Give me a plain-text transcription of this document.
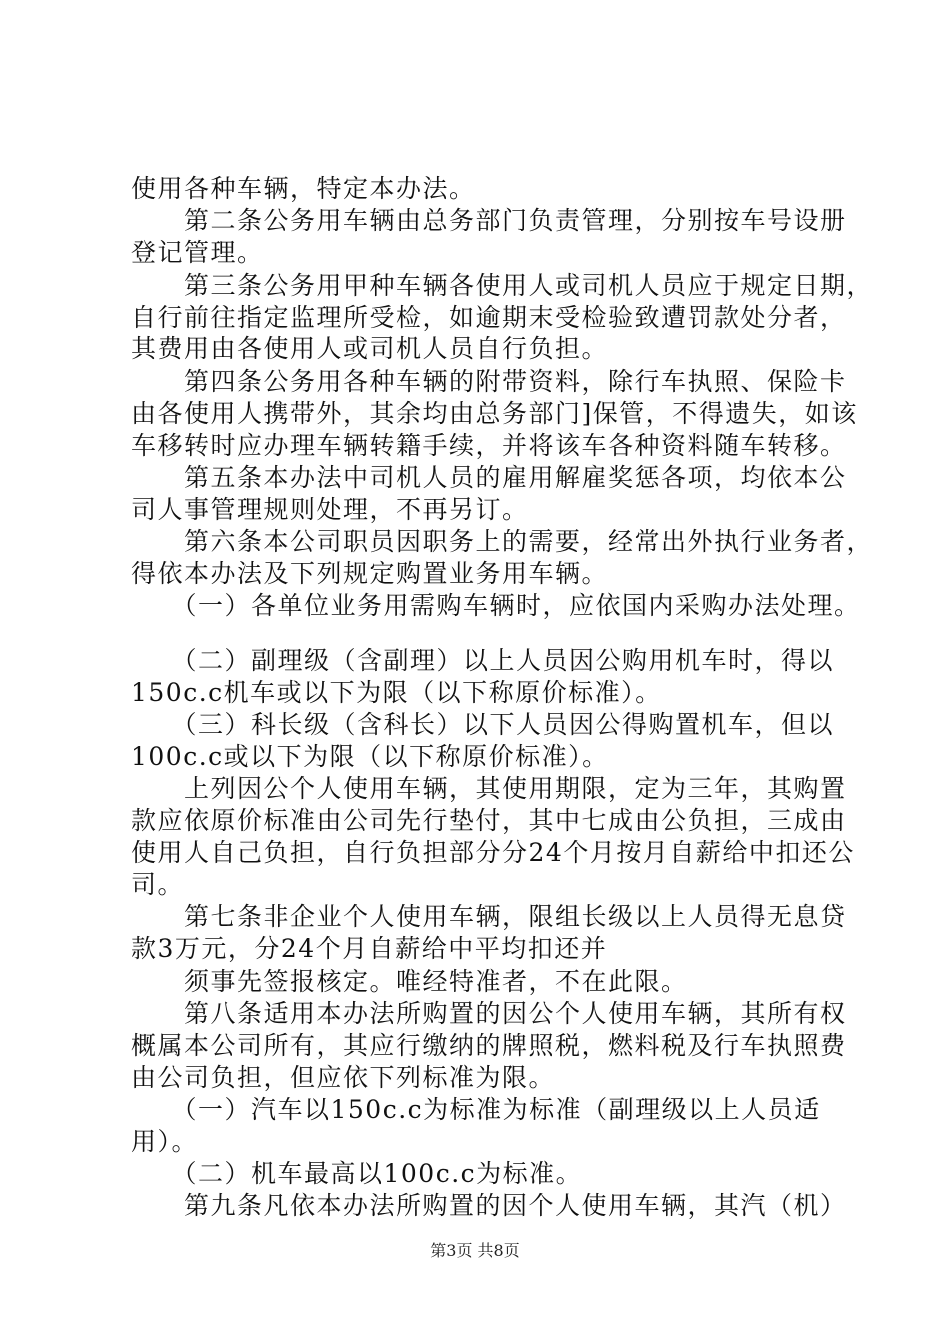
使用各种车辆，特定本办法。
　　第二条公务用车辆由总务部门负责管理，分别按车号设册
登记管理。
　　第三条公务用甲种车辆各使用人或司机人员应于规定日期，
自行前往指定监理所受检，如逾期末受检验致遭罚款处分者，
其费用由各使用人或司机人员自行负担。
　　第四条公务用各种车辆的附带资料，除行车执照、保险卡
由各使用人携带外，其余均由总务部门]保管，不得遗失，如该
车移转时应办理车辆转籍手续，并将该车各种资料随车转移。
　　第五条本办法中司机人员的雇用解雇奖惩各项，均依本公
司人事管理规则处理，不再另订。
　　第六条本公司职员因职务上的需要，经常出外执行业务者，
得依本办法及下列规定购置业务用车辆。
　　（一）各单位业务用需购车辆时，应依国内采购办法处理。
　　（二）副理级（含副理）以上人员因公购用机车时，得以
150c.c机车或以下为限（以下称原价标准）。
　　（三）科长级（含科长）以下人员因公得购置机车，但以
100c.c或以下为限（以下称原价标准）。
　　上列因公个人使用车辆，其使用期限，定为三年，其购置
款应依原价标准由公司先行垫付，其中七成由公负担，三成由
使用人自己负担，自行负担部分分24个月按月自薪给中扣还公
司。
　　第七条非企业个人使用车辆，限组长级以上人员得无息贷
款3万元，分24个月自薪给中平均扣还并
　　须事先签报核定。唯经特准者，不在此限。
　　第八条适用本办法所购置的因公个人使用车辆，其所有权
概属本公司所有，其应行缴纳的牌照税，燃料税及行车执照费
由公司负担，但应依下列标准为限。
　　（一）汽车以150c.c为标准为标准（副理级以上人员适
用）。
　　（二）机车最高以100c.c为标准。
　　第九条凡依本办法所购置的因个人使用车辆，其汽（机）
第3页 共8页
